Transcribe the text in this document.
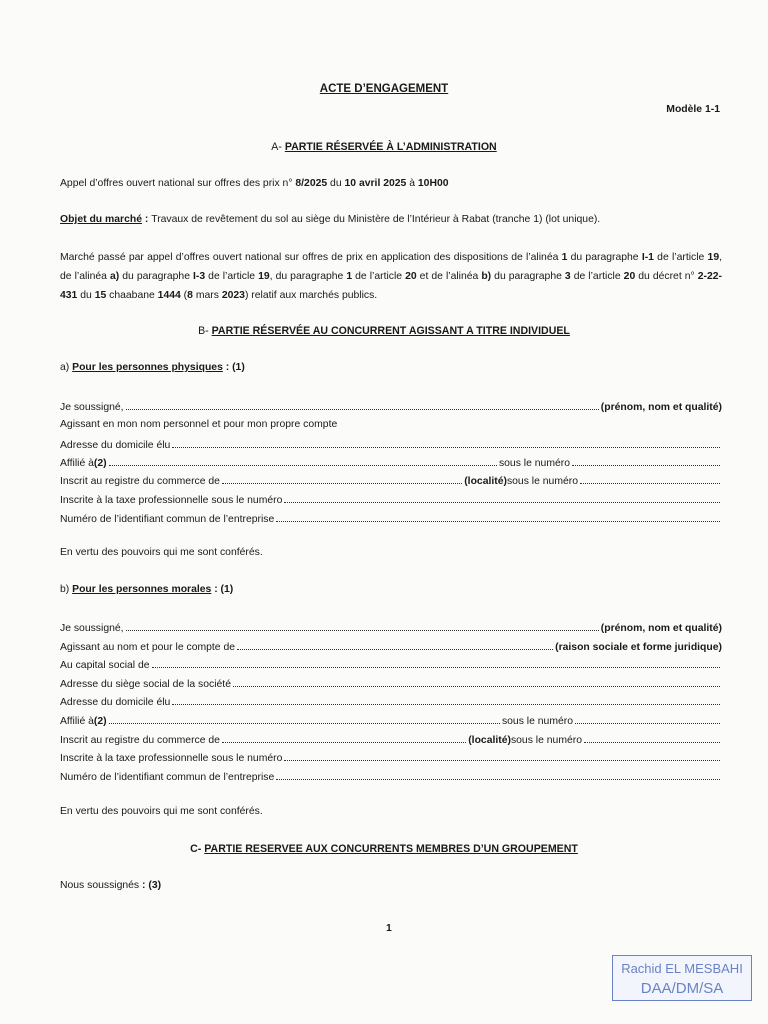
ACTE D’ENGAGEMENT
Modèle 1-1
A- PARTIE RÉSERVÉE À L’ADMINISTRATION
Appel d’offres ouvert national sur offres des prix n° 8/2025 du 10 avril 2025 à 10H00
Objet du marché : Travaux de revêtement du sol au siège du Ministère de l’Intérieur à Rabat (tranche 1) (lot unique).
Marché passé par appel d’offres ouvert national sur offres de prix en application des dispositions de l’alinéa 1 du paragraphe I-1 de l’article 19, de l’alinéa a) du paragraphe I-3 de l’article 19, du paragraphe 1 de l’article 20 et de l’alinéa b) du paragraphe 3 de l’article 20 du décret n° 2-22-431 du 15 chaabane 1444 (8 mars 2023) relatif aux marchés publics.
B- PARTIE RÉSERVÉE AU CONCURRENT AGISSANT A TITRE INDIVIDUEL
a) Pour les personnes physiques : (1)
Je soussigné,	(prénom, nom et qualité)
Agissant en mon nom personnel et pour mon propre compte
Adresse du domicile élu
Affilié à (2)	sous le numéro
Inscrit au registre du commerce de	(localité) sous le numéro
Inscrite à la taxe professionnelle sous le numéro
Numéro de l’identifiant commun de l’entreprise
En vertu des pouvoirs qui me sont conférés.
b) Pour les personnes morales : (1)
Je soussigné,	(prénom, nom et qualité)
Agissant au nom et pour le compte de	(raison sociale et forme juridique)
Au capital social de
Adresse du siège social de la société
Adresse du domicile élu
Affilié à (2)	sous le numéro
Inscrit au registre du commerce de	(localité) sous le numéro
Inscrite à la taxe professionnelle sous le numéro
Numéro de l’identifiant commun de l’entreprise
En vertu des pouvoirs qui me sont conférés.
C- PARTIE RESERVEE AUX CONCURRENTS MEMBRES D’UN GROUPEMENT
Nous soussignés : (3)
1
Rachid EL MESBAHI
DAA/DM/SA
